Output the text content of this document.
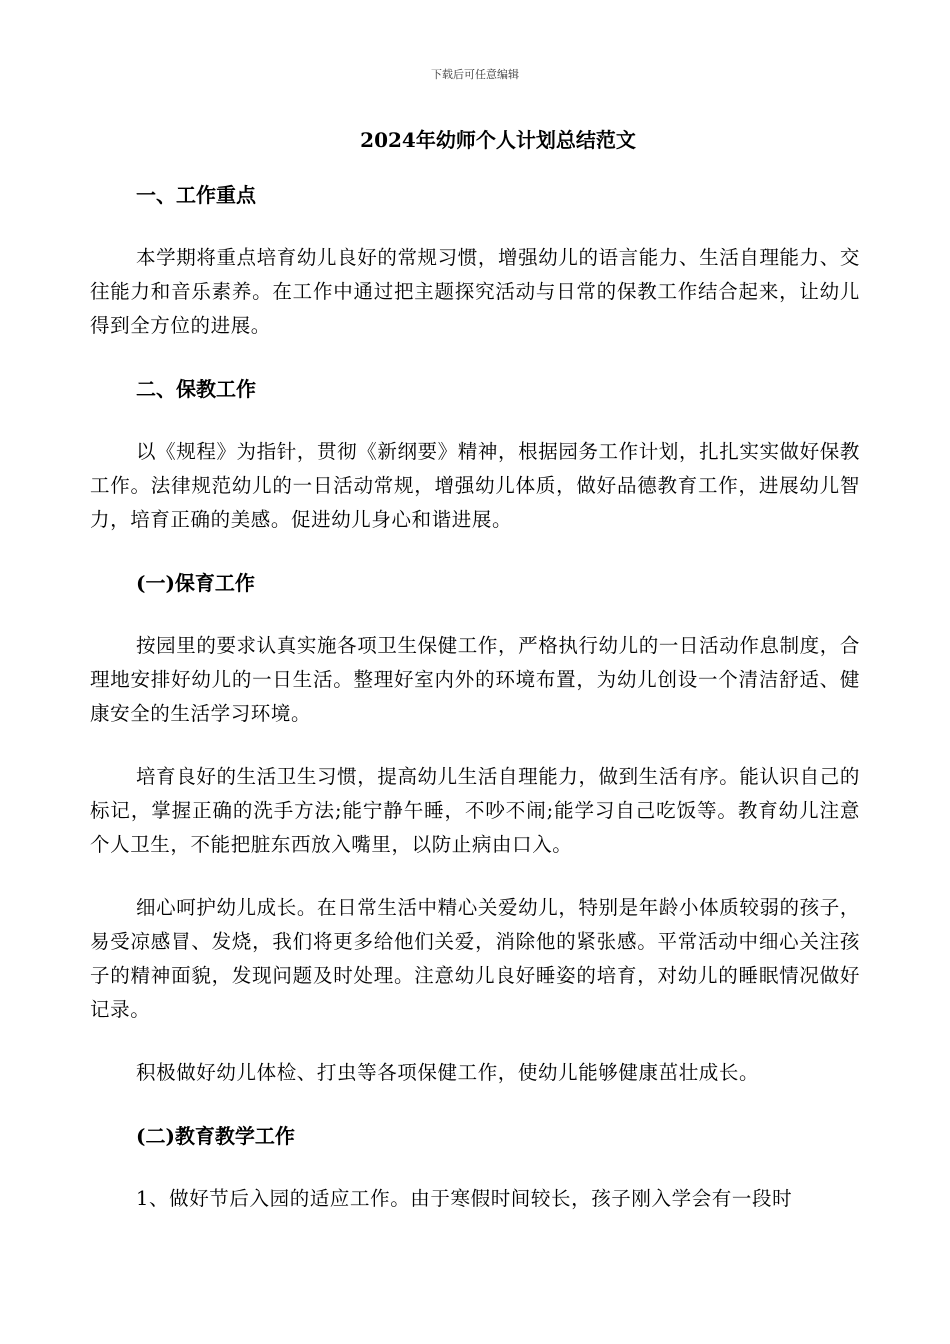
下载后可任意编辑
2024年幼师个人计划总结范文
一、工作重点
本学期将重点培育幼儿良好的常规习惯，增强幼儿的语言能力、生活自理能力、交往能力和音乐素养。在工作中通过把主题探究活动与日常的保教工作结合起来，让幼儿得到全方位的进展。
二、保教工作
以《规程》为指针，贯彻《新纲要》精神，根据园务工作计划，扎扎实实做好保教工作。法律规范幼儿的一日活动常规，增强幼儿体质，做好品德教育工作，进展幼儿智力，培育正确的美感。促进幼儿身心和谐进展。
(一)保育工作
按园里的要求认真实施各项卫生保健工作，严格执行幼儿的一日活动作息制度，合理地安排好幼儿的一日生活。整理好室内外的环境布置，为幼儿创设一个清洁舒适、健康安全的生活学习环境。
培育良好的生活卫生习惯，提高幼儿生活自理能力，做到生活有序。能认识自己的标记，掌握正确的洗手方法;能宁静午睡，不吵不闹;能学习自己吃饭等。教育幼儿注意个人卫生，不能把脏东西放入嘴里，以防止病由口入。
细心呵护幼儿成长。在日常生活中精心关爱幼儿，特别是年龄小体质较弱的孩子，易受凉感冒、发烧，我们将更多给他们关爱，消除他的紧张感。平常活动中细心关注孩子的精神面貌，发现问题及时处理。注意幼儿良好睡姿的培育，对幼儿的睡眠情况做好记录。
积极做好幼儿体检、打虫等各项保健工作，使幼儿能够健康茁壮成长。
(二)教育教学工作
1、做好节后入园的适应工作。由于寒假时间较长，孩子刚入学会有一段时
